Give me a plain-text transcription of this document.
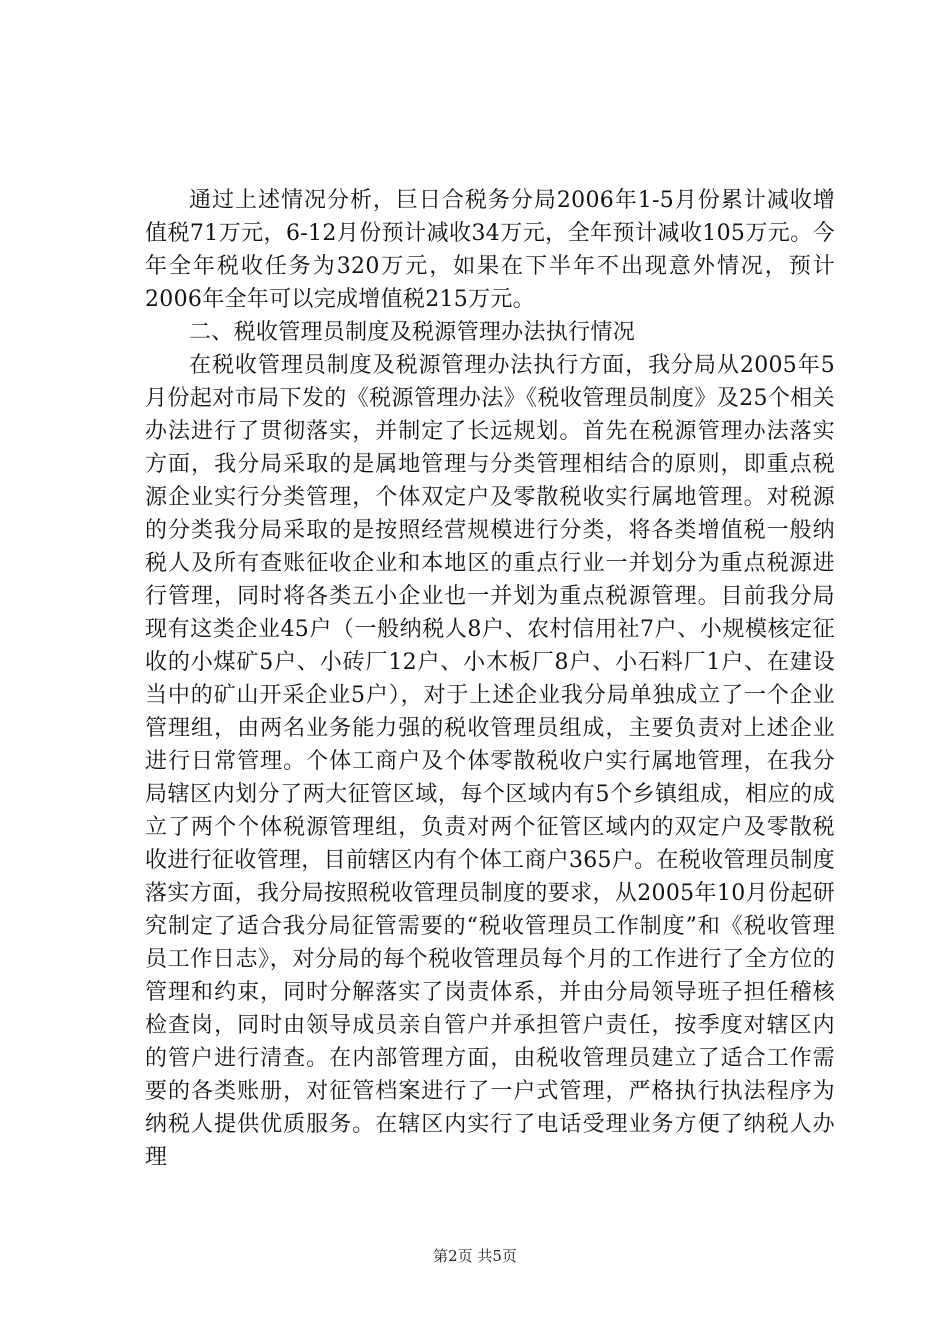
通过上述情况分析，巨日合税务分局2006年1-5月份累计减收增值税71万元，6-12月份预计减收34万元，全年预计减收105万元。今年全年税收任务为320万元，如果在下半年不出现意外情况，预计2006年全年可以完成增值税215万元。

二、税收管理员制度及税源管理办法执行情况

在税收管理员制度及税源管理办法执行方面，我分局从2005年5月份起对市局下发的《税源管理办法》《税收管理员制度》及25个相关办法进行了贯彻落实，并制定了长远规划。首先在税源管理办法落实方面，我分局采取的是属地管理与分类管理相结合的原则，即重点税源企业实行分类管理，个体双定户及零散税收实行属地管理。对税源的分类我分局采取的是按照经营规模进行分类，将各类增值税一般纳税人及所有查账征收企业和本地区的重点行业一并划分为重点税源进行管理，同时将各类五小企业也一并划为重点税源管理。目前我分局现有这类企业45户（一般纳税人8户、农村信用社7户、小规模核定征收的小煤矿5户、小砖厂12户、小木板厂8户、小石料厂1户、在建设当中的矿山开采企业5户），对于上述企业我分局单独成立了一个企业管理组，由两名业务能力强的税收管理员组成，主要负责对上述企业进行日常管理。个体工商户及个体零散税收户实行属地管理，在我分局辖区内划分了两大征管区域，每个区域内有5个乡镇组成，相应的成立了两个个体税源管理组，负责对两个征管区域内的双定户及零散税收进行征收管理，目前辖区内有个体工商户365户。在税收管理员制度落实方面，我分局按照税收管理员制度的要求，从2005年10月份起研究制定了适合我分局征管需要的“税收管理员工作制度”和《税收管理员工作日志》，对分局的每个税收管理员每个月的工作进行了全方位的管理和约束，同时分解落实了岗责体系，并由分局领导班子担任稽核检查岗，同时由领导成员亲自管户并承担管户责任，按季度对辖区内的管户进行清查。在内部管理方面，由税收管理员建立了适合工作需要的各类账册，对征管档案进行了一户式管理，严格执行执法程序为纳税人提供优质服务。在辖区内实行了电话受理业务方便了纳税人办理

第2页 共5页
